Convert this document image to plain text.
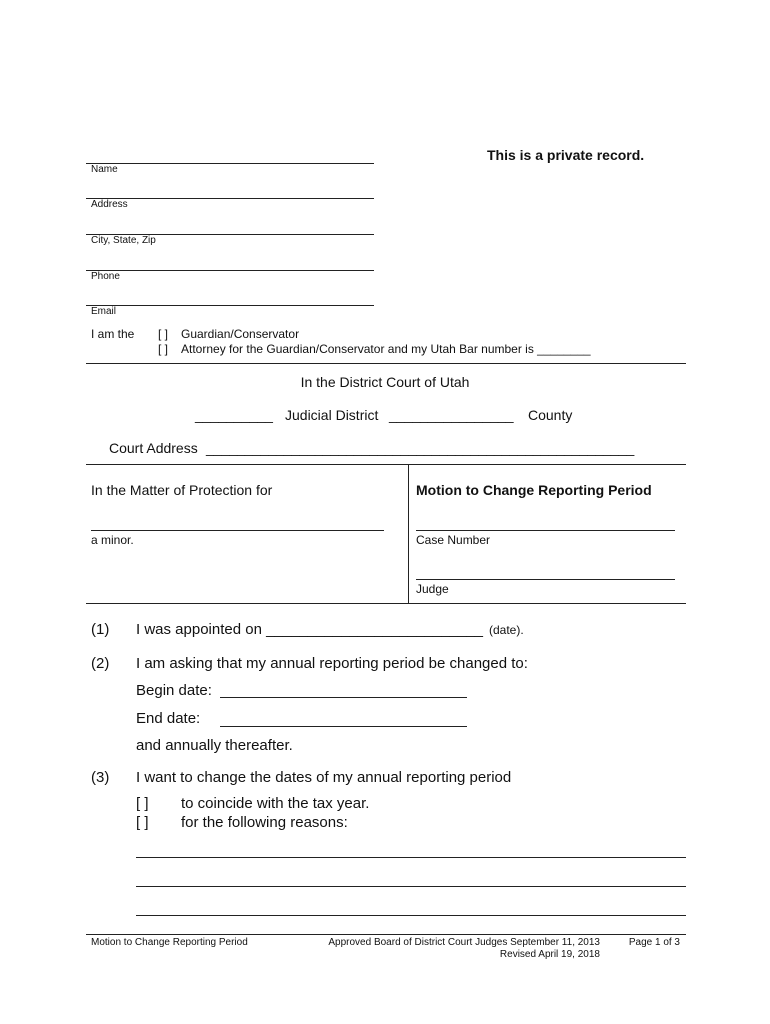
This is a private record.
Name
Address
City, State, Zip
Phone
Email
I am the [ ] Guardian/Conservator
[ ] Attorney for the Guardian/Conservator and my Utah Bar number is ________
In the District Court of Utah
__________ Judicial District ________________ County
Court Address _______________________________________________________
In the Matter of Protection for
a minor.
Motion to Change Reporting Period
Case Number
Judge
(1) I was appointed on __________________________ (date).
(2) I am asking that my annual reporting period be changed to:
Begin date:
End date:
and annually thereafter.
(3) I want to change the dates of my annual reporting period
[ ] to coincide with the tax year.
[ ] for the following reasons:
Motion to Change Reporting Period	Approved Board of District Court Judges September 11, 2013
Revised April 19, 2018
Page 1 of 3
